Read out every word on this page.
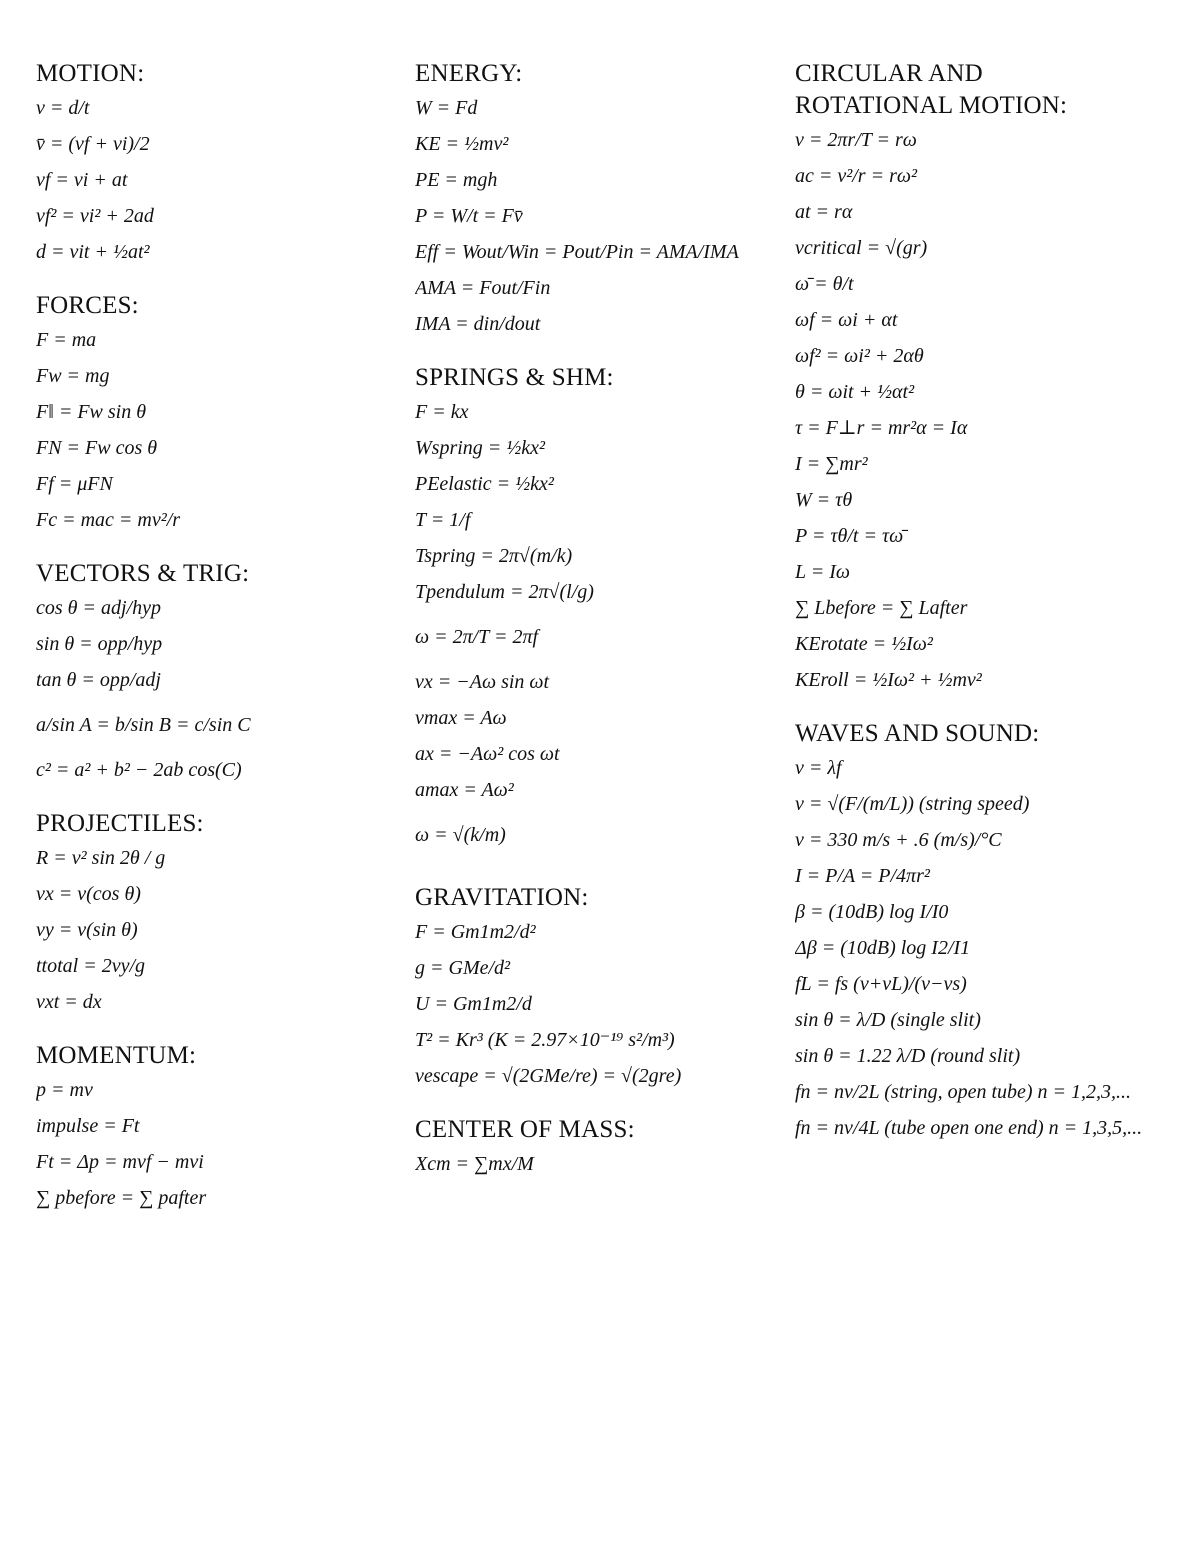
MOTION:
v = d/t
v̄ = (vf + vi)/2
vf = vi + at
vf² = vi² + 2ad
d = vit + ½at²
FORCES:
F = ma
Fw = mg
F‖ = Fw sin θ
FN = Fw cos θ
Ff = μFN
Fc = mac = mv²/r
VECTORS & TRIG:
cos θ = adj/hyp
sin θ = opp/hyp
tan θ = opp/adj
a/sin A = b/sin B = c/sin C
c² = a² + b² − 2ab cos(C)
PROJECTILES:
R = v² sin 2θ / g
vx = v(cos θ)
vy = v(sin θ)
ttotal = 2vy/g
vxt = dx
MOMENTUM:
p = mv
impulse = Ft
Ft = Δp = mvf − mvi
∑ pbefore = ∑ pafter
ENERGY:
W = Fd
KE = ½mv²
PE = mgh
P = W/t = Fv̄
Eff = Wout/Win = Pout/Pin = AMA/IMA
AMA = Fout/Fin
IMA = din/dout
SPRINGS & SHM:
F = kx
Wspring = ½kx²
PEelastic = ½kx²
T = 1/f
Tspring = 2π√(m/k)
Tpendulum = 2π√(l/g)
ω = 2π/T = 2πf
vx = −Aω sin ωt
vmax = Aω
ax = −Aω² cos ωt
amax = Aω²
ω = √(k/m)
GRAVITATION:
F = Gm1m2/d²
g = GMe/d²
U = Gm1m2/d
T² = Kr³ (K = 2.97×10⁻¹⁹ s²/m³)
vescape = √(2GMe/re) = √(2gre)
CENTER OF MASS:
Xcm = ∑mx/M
CIRCULAR AND
ROTATIONAL MOTION:
v = 2πr/T = rω
ac = v²/r = rω²
at = rα
vcritical = √(gr)
ω̄ = θ/t
ωf = ωi + αt
ωf² = ωi² + 2αθ
θ = ωit + ½αt²
τ = F⊥r = mr²α = Iα
I = ∑mr²
W = τθ
P = τθ/t = τω̄
L = Iω
∑ Lbefore = ∑ Lafter
KErotate = ½Iω²
KEroll = ½Iω² + ½mv²
WAVES AND SOUND:
v = λf
v = √(F/(m/L)) (string speed)
v = 330 m/s + .6 (m/s)/°C
I = P/A = P/4πr²
β = (10dB) log I/I0
Δβ = (10dB) log I2/I1
fL = fs (v+vL)/(v−vs)
sin θ = λ/D (single slit)
sin θ = 1.22 λ/D (round slit)
fn = nv/2L (string, open tube) n = 1,2,3,...
fn = nv/4L (tube open one end) n = 1,3,5,...
